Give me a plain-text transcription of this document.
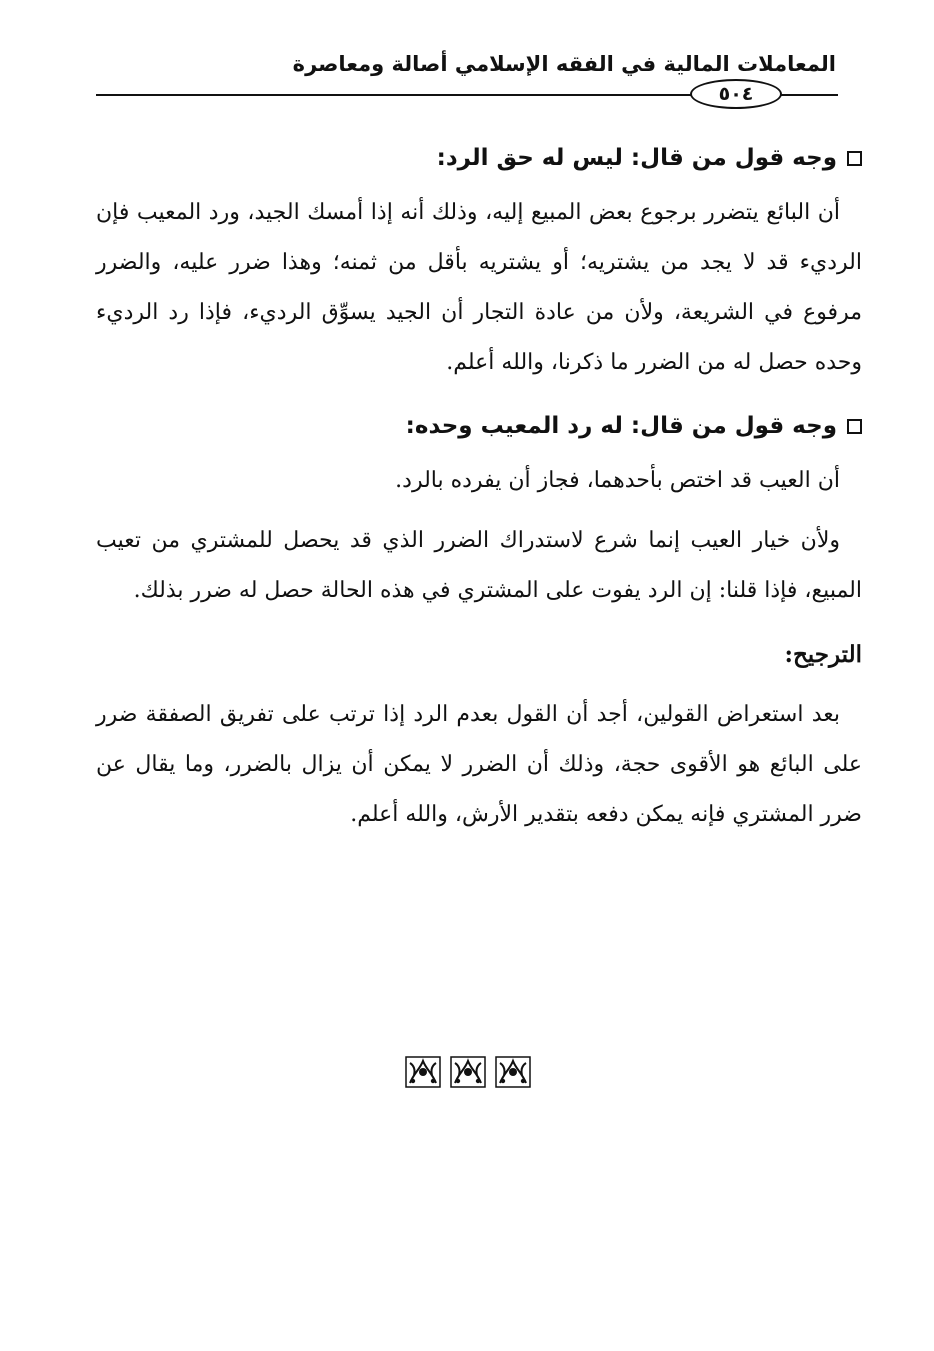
المعاملات المالية في الفقه الإسلامي أصالة ومعاصرة
٥٠٤
وجه قول من قال: ليس له حق الرد:

أن البائع يتضرر برجوع بعض المبيع إليه، وذلك أنه إذا أمسك الجيد، ورد المعيب فإن الرديء قد لا يجد من يشتريه؛ أو يشتريه بأقل من ثمنه؛ وهذا ضرر عليه، والضرر مرفوع في الشريعة، ولأن من عادة التجار أن الجيد يسوِّق الرديء، فإذا رد الرديء وحده حصل له من الضرر ما ذكرنا، والله أعلم.

وجه قول من قال: له رد المعيب وحده:

أن العيب قد اختص بأحدهما، فجاز أن يفرده بالرد.

ولأن خيار العيب إنما شرع لاستدراك الضرر الذي قد يحصل للمشتري من تعيب المبيع، فإذا قلنا: إن الرد يفوت على المشتري في هذه الحالة حصل له ضرر بذلك.

الترجيح:

بعد استعراض القولين، أجد أن القول بعدم الرد إذا ترتب على تفريق الصفقة ضرر على البائع هو الأقوى حجة، وذلك أن الضرر لا يمكن أن يزال بالضرر، وما يقال عن ضرر المشتري فإنه يمكن دفعه بتقدير الأرش، والله أعلم.
